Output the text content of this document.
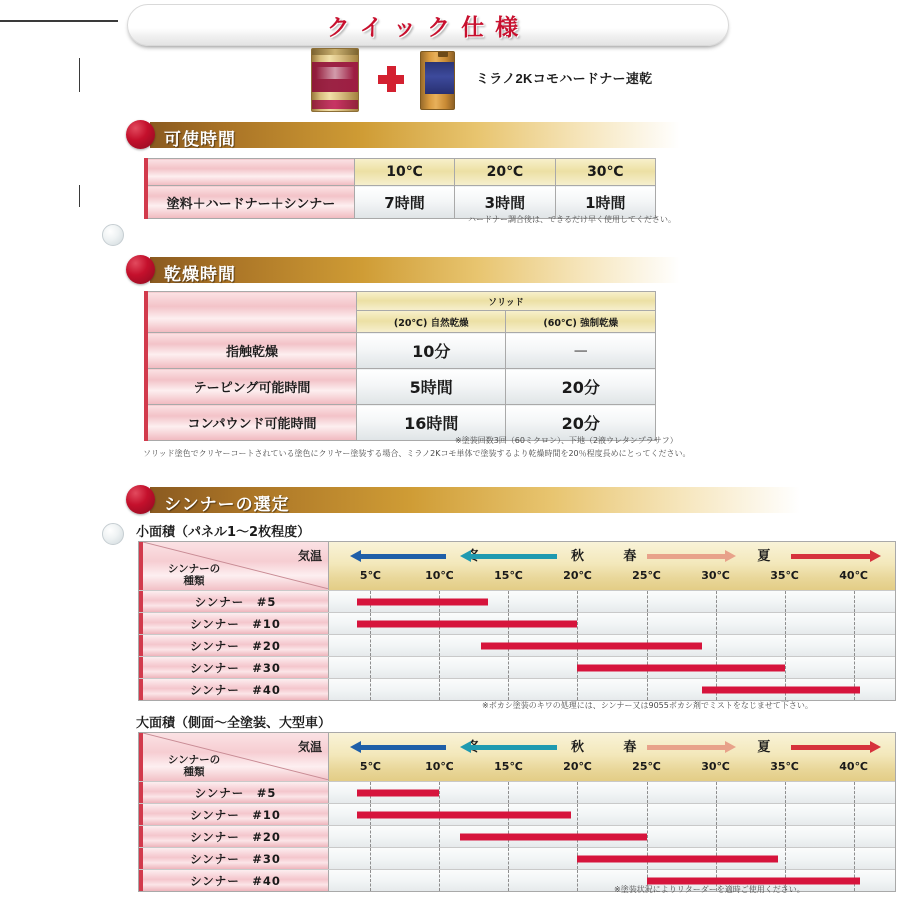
クイック仕様
ミラノ2Kコモハードナー速乾
可使時間
	10℃	20℃	30℃
塗料＋ハードナー＋シンナー	7時間	3時間	1時間
ハードナー調合後は、できるだけ早く使用してください。
乾燥時間
	ソリッド	
	(20℃) 自然乾燥	(60℃) 強制乾燥
指触乾燥	10分	—
テーピング可能時間	5時間	20分
コンパウンド可能時間	16時間	20分
※塗装回数3回（60ミクロン）、下地（2液ウレタンプラサフ）
ソリッド塗色でクリヤーコートされている塗色にクリヤー塗装する場合、ミラノ2Kコモ単体で塗装するより乾燥時間を20％程度長めにとってください。
シンナーの選定
小面積（パネル1〜2枚程度）
気温
シンナーの
種類
秋	春	夏
5℃	10℃	15℃	20℃	25℃	30℃	35℃	40℃
シンナー　#5
シンナー　#10
シンナー　#20
シンナー　#30
シンナー　#40
※ボカシ塗装のキワの処理には、シンナー又は9055ボカシ剤でミストをなじませて下さい。
大面積（側面〜全塗装、大型車）
気温
シンナーの
種類
秋	春	夏
5℃	10℃	15℃	20℃	25℃	30℃	35℃	40℃
シンナー　#5
シンナー　#10
シンナー　#20
シンナー　#30
シンナー　#40
※塗装状況によりリターダーを適時ご使用ください。
